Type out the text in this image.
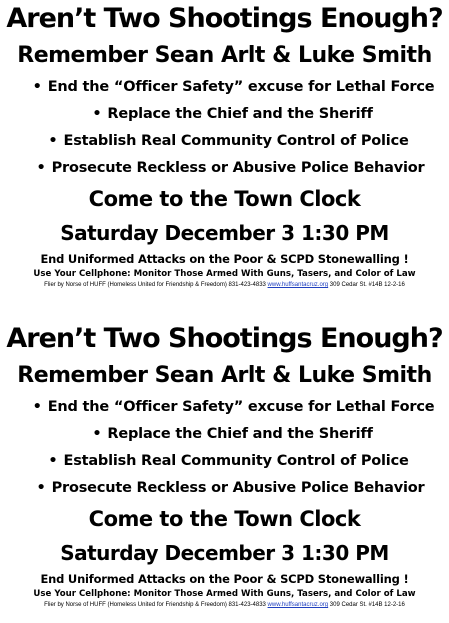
Aren’t Two Shootings Enough?
Remember Sean Arlt & Luke Smith
• End the “Officer Safety” excuse for Lethal Force
• Replace the Chief and the Sheriff
• Establish Real Community Control of Police
• Prosecute Reckless or Abusive Police Behavior

Come to the Town Clock

Saturday December 3 1:30 PM

End Uniformed Attacks on the Poor & SCPD Stonewalling !

Use Your Cellphone: Monitor Those Armed With Guns, Tasers, and Color of Law

Flier by Norse of HUFF (Homeless United for Friendship & Freedom) 831-423-4833 www.huffsantacruz.org 309 Cedar St. #14B 12-2-16

Aren’t Two Shootings Enough?
Remember Sean Arlt & Luke Smith
• End the “Officer Safety” excuse for Lethal Force
• Replace the Chief and the Sheriff
• Establish Real Community Control of Police
• Prosecute Reckless or Abusive Police Behavior

Come to the Town Clock

Saturday December 3 1:30 PM

End Uniformed Attacks on the Poor & SCPD Stonewalling !

Use Your Cellphone: Monitor Those Armed With Guns, Tasers, and Color of Law

Flier by Norse of HUFF (Homeless United for Friendship & Freedom) 831-423-4833 www.huffsantacruz.org 309 Cedar St. #14B 12-2-16
